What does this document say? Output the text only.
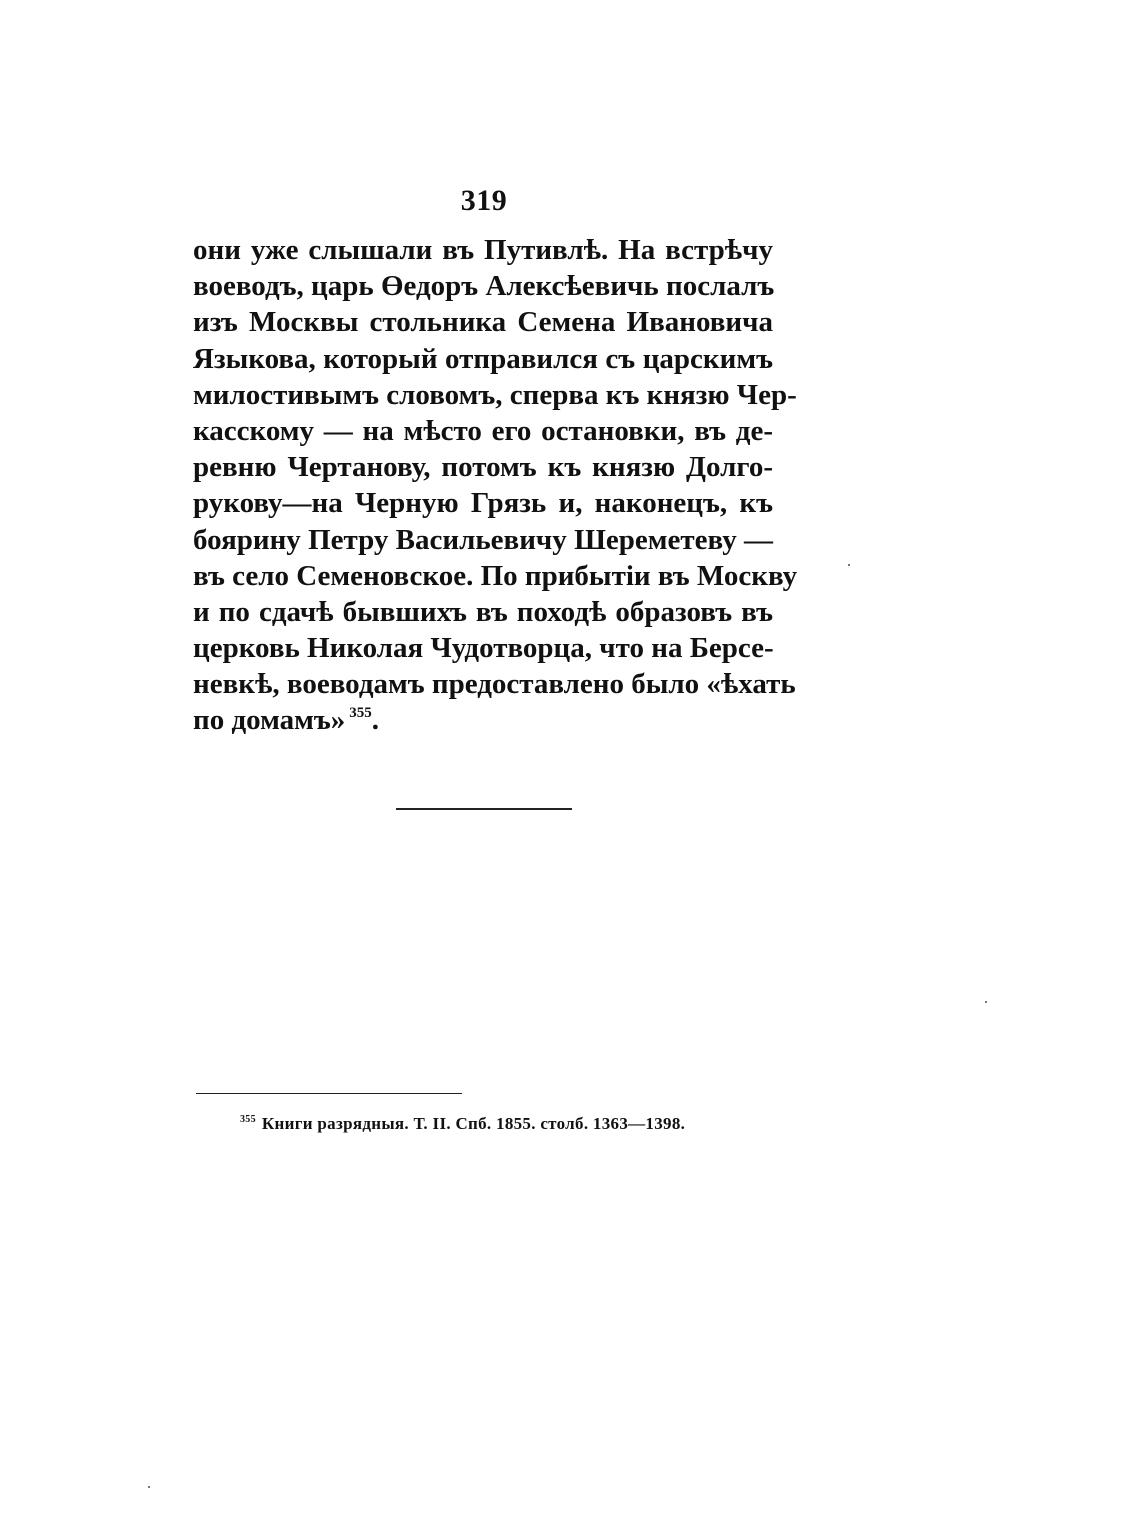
319
они уже слышали въ Путивлѣ. На встрѣчу
воеводъ, царь Өедоръ Алексѣевичь послалъ
изъ Москвы стольника Семена Ивановича
Языкова, который отправился съ царскимъ
милостивымъ словомъ, сперва къ князю Чер-
касскому — на мѣсто его остановки, въ де-
ревню Чертанову, потомъ къ князю Долго-
рукову—на Черную Грязь и, наконецъ, къ
боярину Петру Васильевичу Шереметеву —
въ село Семеновское. По прибытіи въ Москву
и по сдачѣ бывшихъ въ походѣ образовъ въ
церковь Николая Чудотворца, что на Берсе-
невкѣ, воеводамъ предоставлено было «ѣхать
по домамъ» $^{355}$.
$^{355}$ Книги разрядныя. Т. II. Спб. 1855. столб. 1363—1398.
